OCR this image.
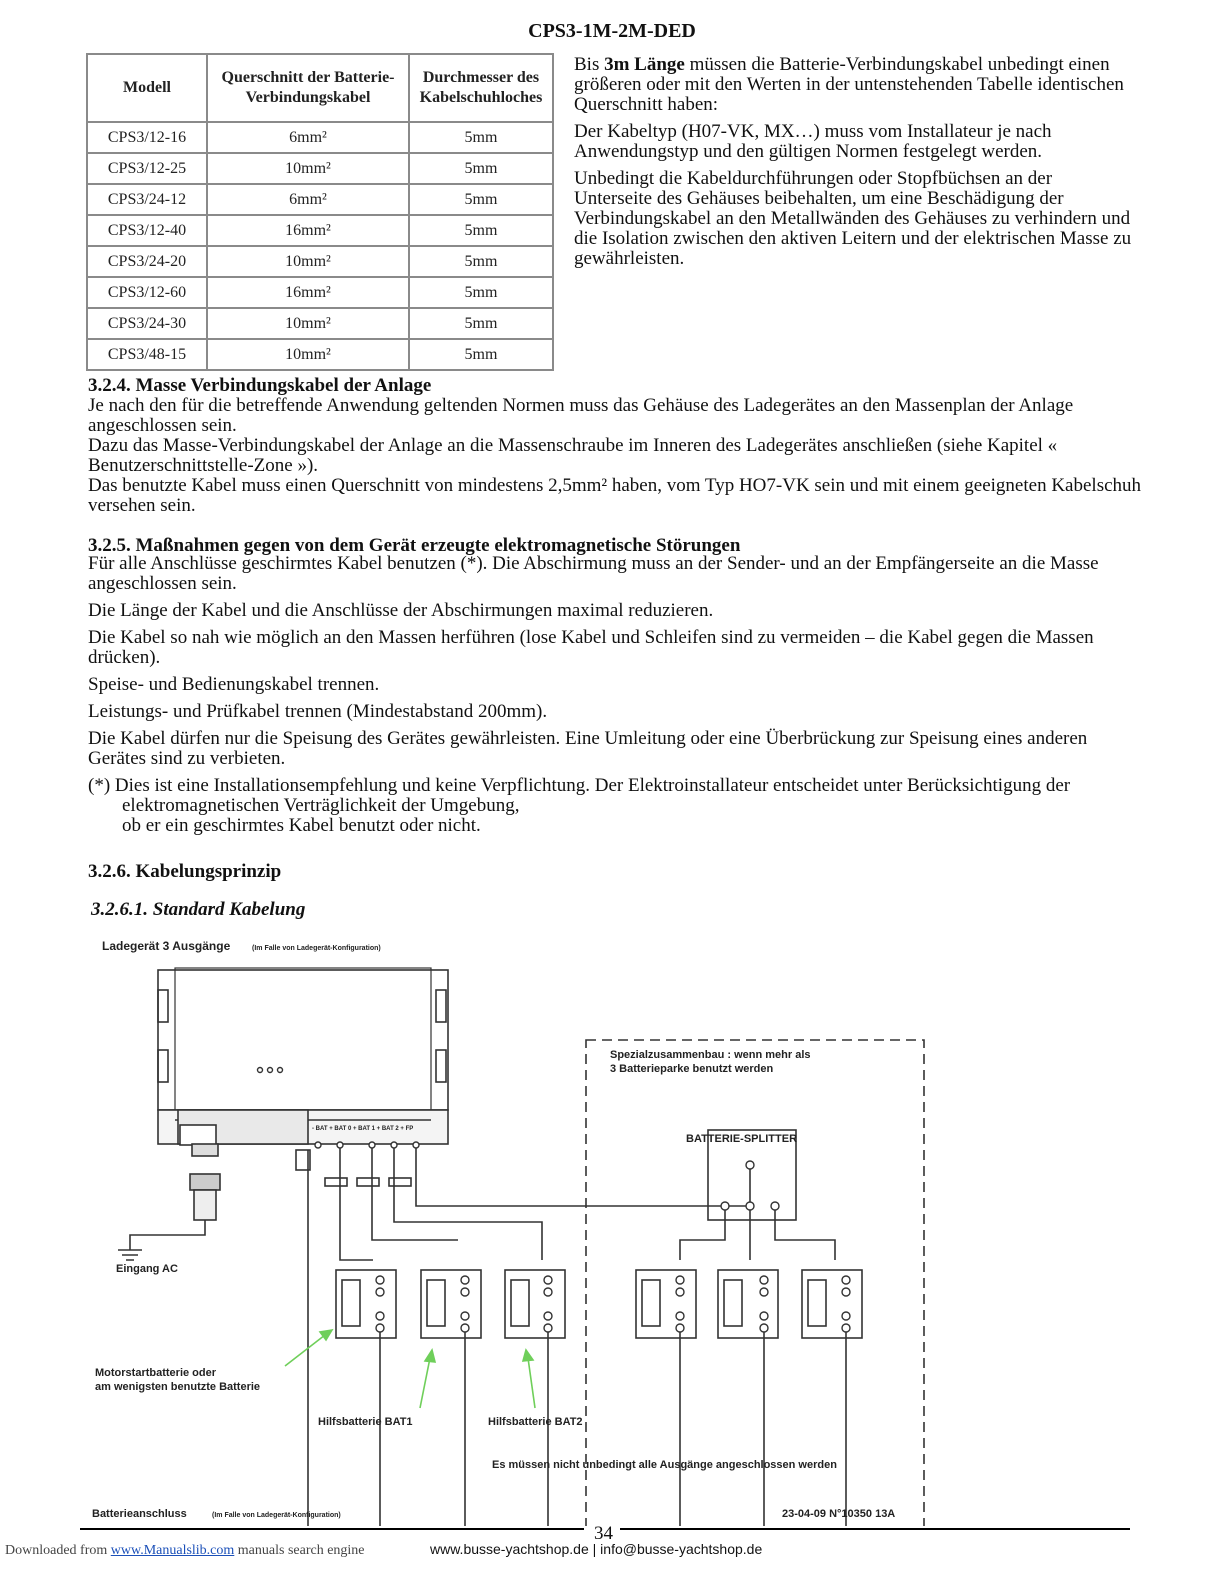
CPS3-1M-2M-DED
Modell	Querschnitt der Batterie-Verbindungskabel	Durchmesser des Kabelschuhloches
CPS3/12-16	6mm²	5mm
CPS3/12-25	10mm²	5mm
CPS3/24-12	6mm²	5mm
CPS3/12-40	16mm²	5mm
CPS3/24-20	10mm²	5mm
CPS3/12-60	16mm²	5mm
CPS3/24-30	10mm²	5mm
CPS3/48-15	10mm²	5mm

Bis 3m Länge müssen die Batterie-Verbindungskabel unbedingt einen größeren oder mit den Werten in der untenstehenden Tabelle identischen Querschnitt haben:

Der Kabeltyp (H07-VK, MX…) muss vom Installateur je nach Anwendungstyp und den gültigen Normen festgelegt werden.

Unbedingt die Kabeldurchführungen oder Stopfbüchsen an der Unterseite des Gehäuses beibehalten, um eine Beschädigung der Verbindungskabel an den Metallwänden des Gehäuses zu verhindern und die Isolation zwischen den aktiven Leitern und der elektrischen Masse zu gewährleisten.

3.2.4. Masse Verbindungskabel der Anlage
Je nach den für die betreffende Anwendung geltenden Normen muss das Gehäuse des Ladegerätes an den Massenplan der Anlage angeschlossen sein.
Dazu das Masse-Verbindungskabel der Anlage an die Massenschraube im Inneren des Ladegerätes anschließen (siehe Kapitel « Benutzerschnittstelle-Zone »).
Das benutzte Kabel muss einen Querschnitt von mindestens 2,5mm² haben, vom Typ HO7-VK sein und mit einem geeigneten Kabelschuh versehen sein.
3.2.5. Maßnahmen gegen von dem Gerät erzeugte elektromagnetische Störungen

Für alle Anschlüsse geschirmtes Kabel benutzen (*). Die Abschirmung muss an der Sender- und an der Empfängerseite an die Masse angeschlossen sein.

Die Länge der Kabel und die Anschlüsse der Abschirmungen maximal reduzieren.

Die Kabel so nah wie möglich an den Massen herführen (lose Kabel und Schleifen sind zu vermeiden – die Kabel gegen die Massen drücken).

Speise- und Bedienungskabel trennen.

Leistungs- und Prüfkabel trennen (Mindestabstand 200mm).

Die Kabel dürfen nur die Speisung des Gerätes gewährleisten. Eine Umleitung oder eine Überbrückung zur Speisung eines anderen Gerätes sind zu verbieten.

(*) Dies ist eine Installationsempfehlung und keine Verpflichtung. Der Elektroinstallateur entscheidet unter Berücksichtigung der elektromagnetischen Verträglichkeit der Umgebung,
ob er ein geschirmtes Kabel benutzt oder nicht.
3.2.6. Kabelungsprinzip
3.2.6.1. Standard Kabelung
Ladegerät 3 Ausgänge	(Im Falle von Ladegerät-Konfiguration)
- BAT + BAT 0 + BAT 1 + BAT 2 + FP
Spezialzusammenbau : wenn mehr als
3 Batterieparke benutzt werden
BATTERIE-SPLITTER
Eingang AC
Motorstartbatterie oder
am wenigsten benutzte Batterie
Hilfsbatterie BAT1	Hilfsbatterie BAT2
Es müssen nicht unbedingt alle Ausgänge angeschlossen werden
Batterieanschluss	(Im Falle von Ladegerät-Konfiguration)	23-04-09 N°10350 13A
34
Downloaded from www.Manualslib.com manuals search engine	www.busse-yachtshop.de | info@busse-yachtshop.de
